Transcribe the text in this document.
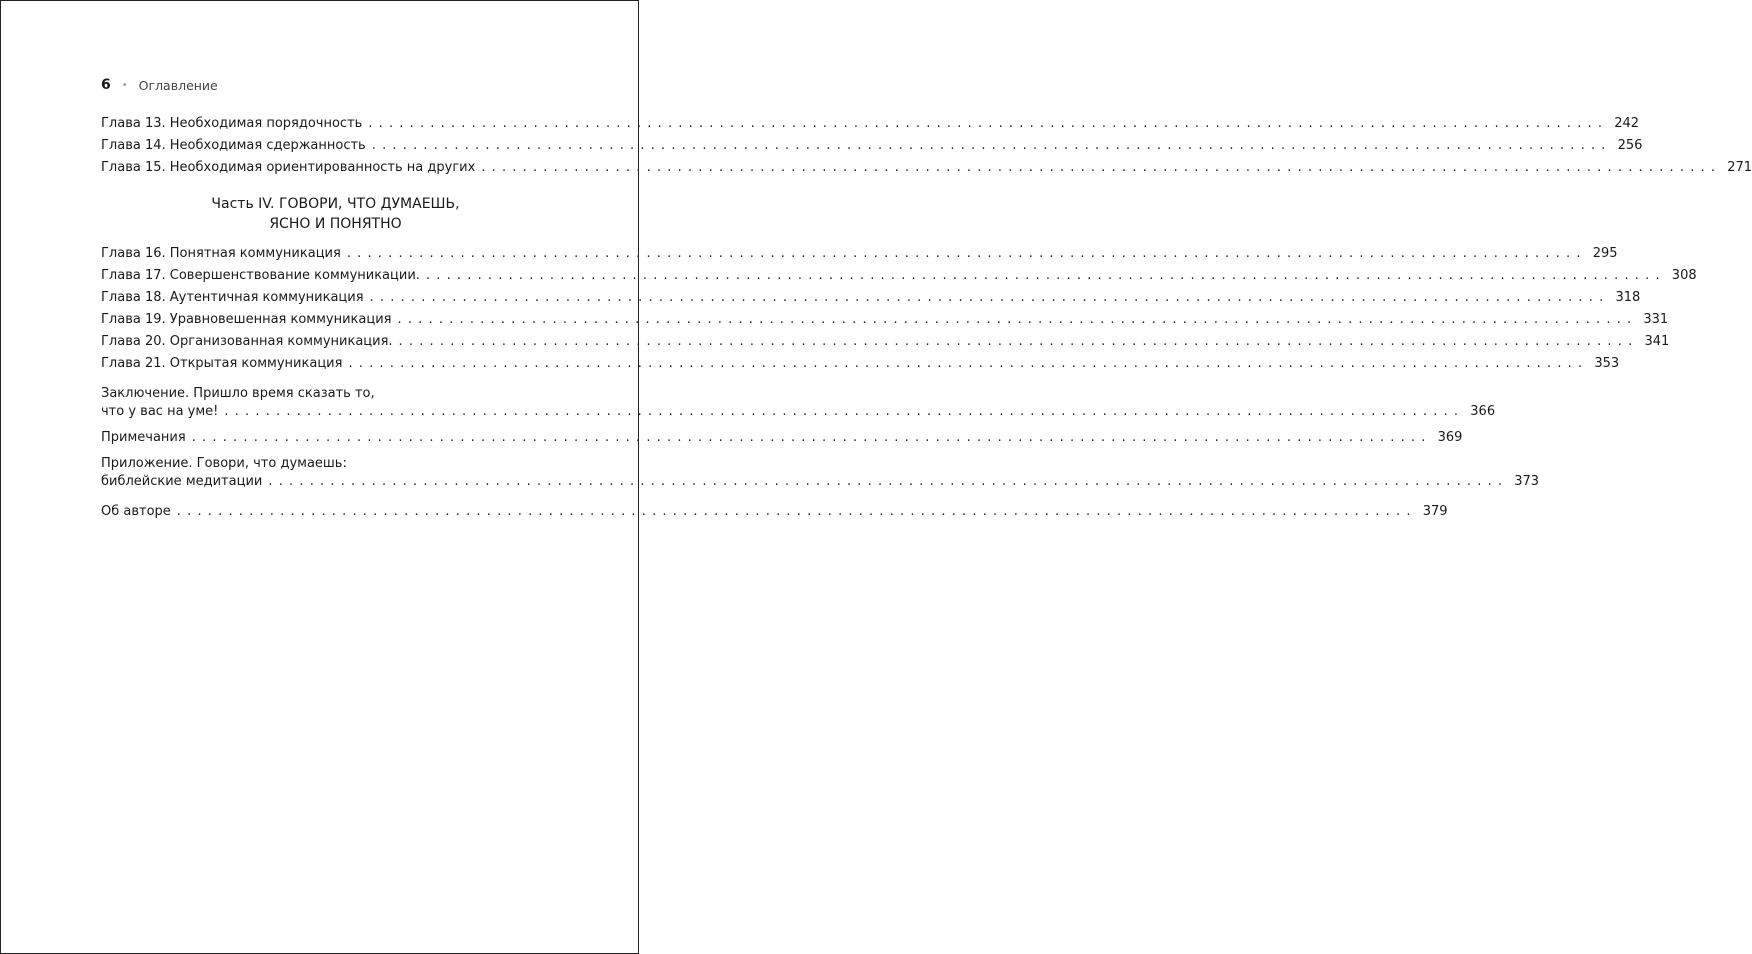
6 • Оглавление
Глава 13. Необходимая порядочность ........................................................................................................................ 242
Глава 14. Необходимая сдержанность ........................................................................................................................ 256
Глава 15. Необходимая ориентированность на других ........................................................................................................................ 271
Часть IV. ГОВОРИ, ЧТО ДУМАЕШЬ,
ЯСНО И ПОНЯТНО
Глава 16. Понятная коммуникация ........................................................................................................................ 295
Глава 17. Совершенствование коммуникации. ........................................................................................................................ 308
Глава 18. Аутентичная коммуникация ........................................................................................................................ 318
Глава 19. Уравновешенная коммуникация ........................................................................................................................ 331
Глава 20. Организованная коммуникация. ........................................................................................................................ 341
Глава 21. Открытая коммуникация ........................................................................................................................ 353
Заключение. Пришло время сказать то,
что у вас на уме! ........................................................................................................................ 366
Примечания ........................................................................................................................ 369
Приложение. Говори, что думаешь:
библейские медитации ........................................................................................................................ 373
Об авторе ........................................................................................................................ 379
